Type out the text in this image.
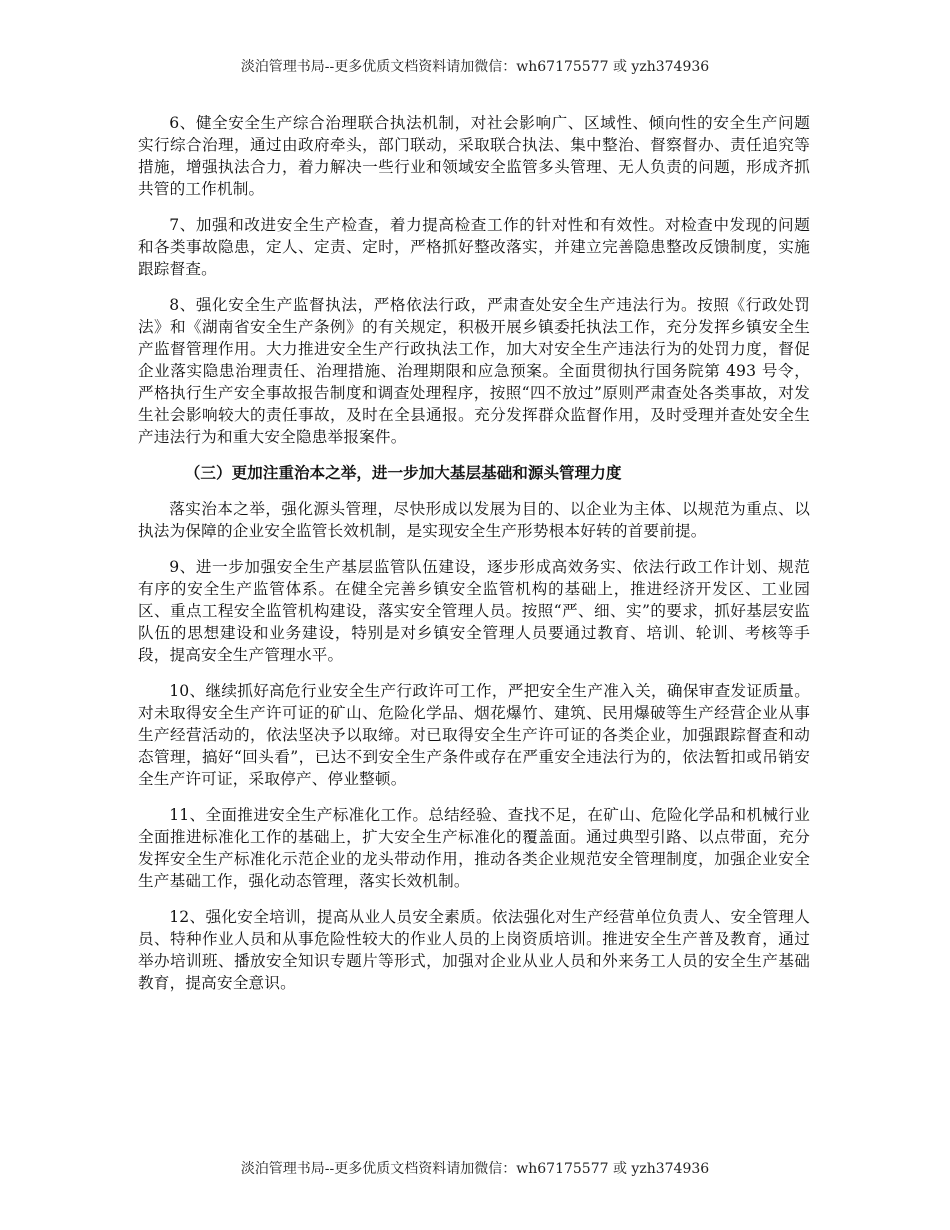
淡泊管理书局--更多优质文档资料请加微信：wh67175577 或 yzh374936

6、健全安全生产综合治理联合执法机制，对社会影响广、区域性、倾向性的安全生产问题实行综合治理，通过由政府牵头，部门联动，采取联合执法、集中整治、督察督办、责任追究等措施，增强执法合力，着力解决一些行业和领域安全监管多头管理、无人负责的问题，形成齐抓共管的工作机制。

7、加强和改进安全生产检查，着力提高检查工作的针对性和有效性。对检查中发现的问题和各类事故隐患，定人、定责、定时，严格抓好整改落实，并建立完善隐患整改反馈制度，实施跟踪督查。

8、强化安全生产监督执法，严格依法行政，严肃查处安全生产违法行为。按照《行政处罚法》和《湖南省安全生产条例》的有关规定，积极开展乡镇委托执法工作，充分发挥乡镇安全生产监督管理作用。大力推进安全生产行政执法工作，加大对安全生产违法行为的处罚力度，督促企业落实隐患治理责任、治理措施、治理期限和应急预案。全面贯彻执行国务院第 493 号令，严格执行生产安全事故报告制度和调查处理程序，按照“四不放过”原则严肃查处各类事故，对发生社会影响较大的责任事故，及时在全县通报。充分发挥群众监督作用，及时受理并查处安全生产违法行为和重大安全隐患举报案件。

（三）更加注重治本之举，进一步加大基层基础和源头管理力度

落实治本之举，强化源头管理，尽快形成以发展为目的、以企业为主体、以规范为重点、以执法为保障的企业安全监管长效机制，是实现安全生产形势根本好转的首要前提。

9、进一步加强安全生产基层监管队伍建设，逐步形成高效务实、依法行政工作计划、规范有序的安全生产监管体系。在健全完善乡镇安全监管机构的基础上，推进经济开发区、工业园区、重点工程安全监管机构建设，落实安全管理人员。按照“严、细、实”的要求，抓好基层安监队伍的思想建设和业务建设，特别是对乡镇安全管理人员要通过教育、培训、轮训、考核等手段，提高安全生产管理水平。

10、继续抓好高危行业安全生产行政许可工作，严把安全生产准入关，确保审查发证质量。对未取得安全生产许可证的矿山、危险化学品、烟花爆竹、建筑、民用爆破等生产经营企业从事生产经营活动的，依法坚决予以取缔。对已取得安全生产许可证的各类企业，加强跟踪督查和动态管理，搞好“回头看”，已达不到安全生产条件或存在严重安全违法行为的，依法暂扣或吊销安全生产许可证，采取停产、停业整顿。

11、全面推进安全生产标准化工作。总结经验、查找不足，在矿山、危险化学品和机械行业全面推进标准化工作的基础上，扩大安全生产标准化的覆盖面。通过典型引路、以点带面，充分发挥安全生产标准化示范企业的龙头带动作用，推动各类企业规范安全管理制度，加强企业安全生产基础工作，强化动态管理，落实长效机制。

12、强化安全培训，提高从业人员安全素质。依法强化对生产经营单位负责人、安全管理人员、特种作业人员和从事危险性较大的作业人员的上岗资质培训。推进安全生产普及教育，通过举办培训班、播放安全知识专题片等形式，加强对企业从业人员和外来务工人员的安全生产基础教育，提高安全意识。

淡泊管理书局--更多优质文档资料请加微信：wh67175577 或 yzh374936
